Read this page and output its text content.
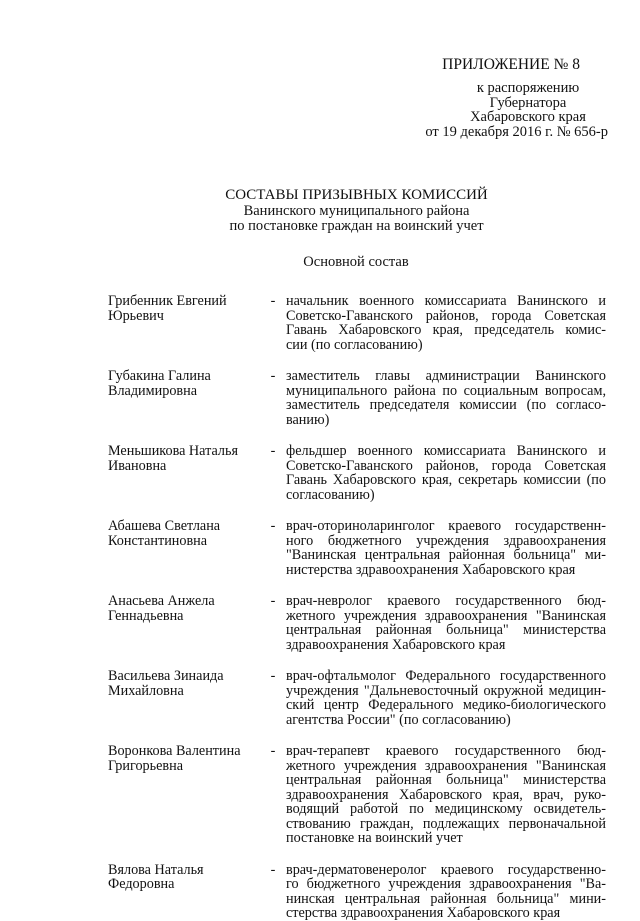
ПРИЛОЖЕНИЕ № 8
к распоряжению
Губернатора
Хабаровского края
от 19 декабря 2016 г. № 656-р
СОСТАВЫ ПРИЗЫВНЫХ КОМИССИЙ
Ванинского муниципального района
по постановке граждан на воинский учет
Основной состав
Грибенник Евгений
Юрьевич
- начальник военного комиссариата Ванинского и
Советско-Гаванского районов, города Советская
Гавань Хабаровского края, председатель комис-
сии (по согласованию)
Губакина Галина
Владимировна
- заместитель главы администрации Ванинского
муниципального района по социальным вопросам,
заместитель председателя комиссии (по согласо-
ванию)
Меньшикова Наталья
Ивановна
- фельдшер военного комиссариата Ванинского и
Советско-Гаванского районов, города Советская
Гавань Хабаровского края, секретарь комиссии (по
согласованию)
Абашева Светлана
Константиновна
- врач-оториноларинголог краевого государственн-
ного бюджетного учреждения здравоохранения
"Ванинская центральная районная больница" ми-
нистерства здравоохранения Хабаровского края
Анасьева Анжела
Геннадьевна
- врач-невролог краевого государственного бюд-
жетного учреждения здравоохранения "Ванинская
центральная районная больница" министерства
здравоохранения Хабаровского края
Васильева Зинаида
Михайловна
- врач-офтальмолог Федерального государственного
учреждения "Дальневосточный окружной медицин-
ский центр Федерального медико-биологического
агентства России" (по согласованию)
Воронкова Валентина
Григорьевна
- врач-терапевт краевого государственного бюд-
жетного учреждения здравоохранения "Ванинская
центральная районная больница" министерства
здравоохранения Хабаровского края, врач, руко-
водящий работой по медицинскому освидетель-
ствованию граждан, подлежащих первоначальной
постановке на воинский учет
Вялова Наталья
Федоровна
- врач-дерматовенеролог краевого государственно-
го бюджетного учреждения здравоохранения "Ва-
нинская центральная районная больница" мини-
стерства здравоохранения Хабаровского края
